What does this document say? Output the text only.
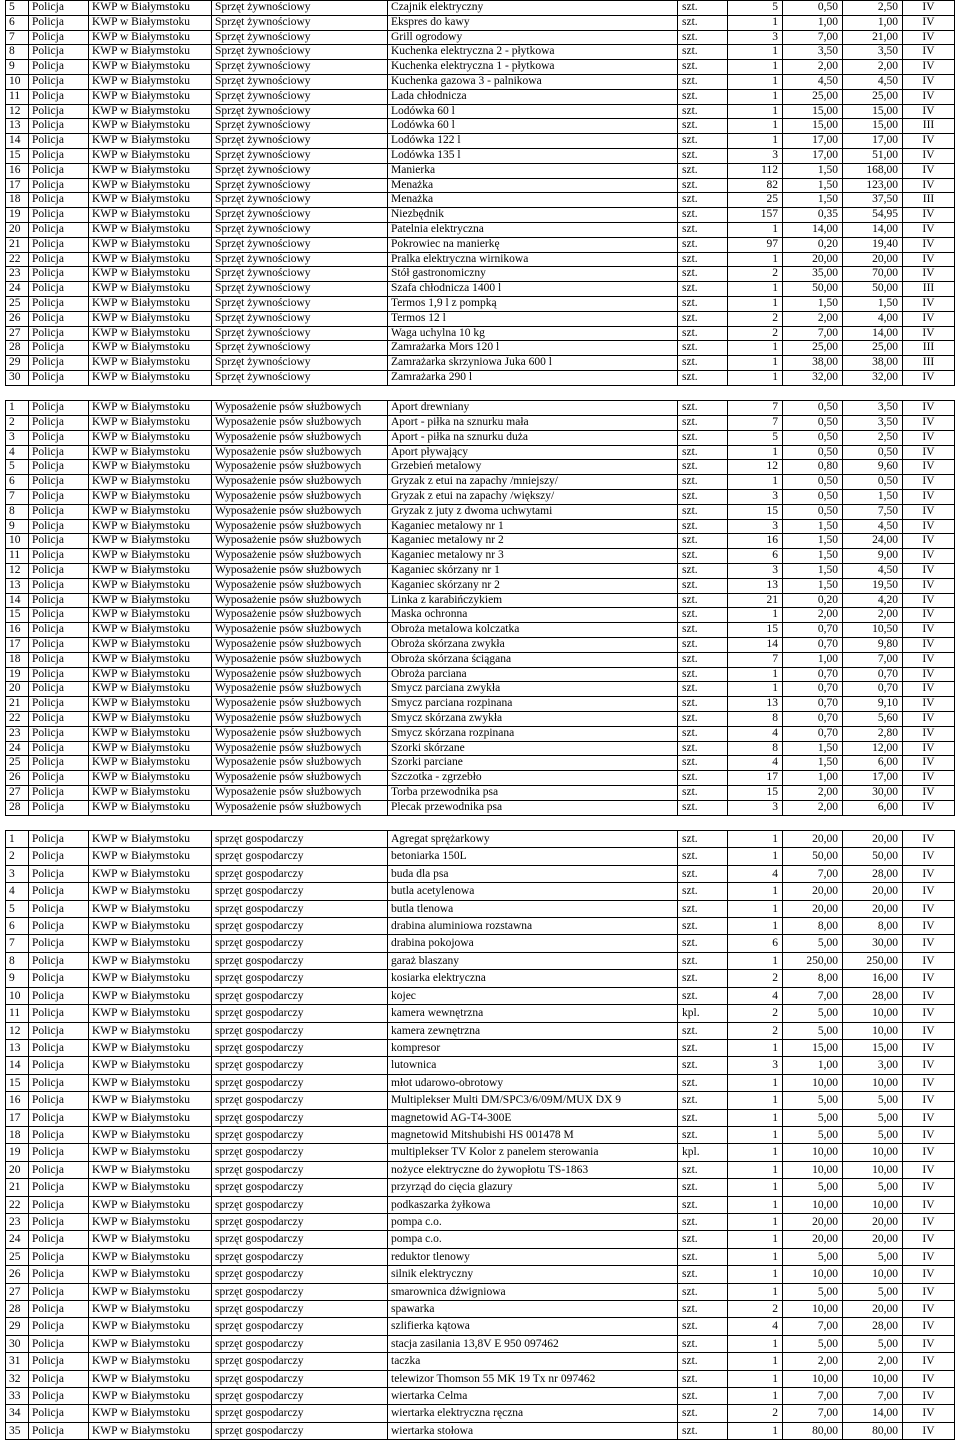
5	Policja	KWP w Białymstoku	Sprzęt żywnościowy	Czajnik elektryczny	szt.	5	0,50	2,50	IV
6	Policja	KWP w Białymstoku	Sprzęt żywnościowy	Ekspres do kawy	szt.	1	1,00	1,00	IV
7	Policja	KWP w Białymstoku	Sprzęt żywnościowy	Grill ogrodowy	szt.	3	7,00	21,00	IV
8	Policja	KWP w Białymstoku	Sprzęt żywnościowy	Kuchenka elektryczna 2 - płytkowa	szt.	1	3,50	3,50	IV
9	Policja	KWP w Białymstoku	Sprzęt żywnościowy	Kuchenka elektryczna 1 - płytkowa	szt.	1	2,00	2,00	IV
10	Policja	KWP w Białymstoku	Sprzęt żywnościowy	Kuchenka gazowa 3 - palnikowa	szt.	1	4,50	4,50	IV
11	Policja	KWP w Białymstoku	Sprzęt żywnościowy	Lada chłodnicza	szt.	1	25,00	25,00	IV
12	Policja	KWP w Białymstoku	Sprzęt żywnościowy	Lodówka 60 l	szt.	1	15,00	15,00	IV
13	Policja	KWP w Białymstoku	Sprzęt żywnościowy	Lodówka 60 l	szt.	1	15,00	15,00	III
14	Policja	KWP w Białymstoku	Sprzęt żywnościowy	Lodówka 122 l	szt.	1	17,00	17,00	IV
15	Policja	KWP w Białymstoku	Sprzęt żywnościowy	Lodówka 135 l	szt.	3	17,00	51,00	IV
16	Policja	KWP w Białymstoku	Sprzęt żywnościowy	Manierka	szt.	112	1,50	168,00	IV
17	Policja	KWP w Białymstoku	Sprzęt żywnościowy	Menażka	szt.	82	1,50	123,00	IV
18	Policja	KWP w Białymstoku	Sprzęt żywnościowy	Menażka	szt.	25	1,50	37,50	III
19	Policja	KWP w Białymstoku	Sprzęt żywnościowy	Niezbędnik	szt.	157	0,35	54,95	IV
20	Policja	KWP w Białymstoku	Sprzęt żywnościowy	Patelnia elektryczna	szt.	1	14,00	14,00	IV
21	Policja	KWP w Białymstoku	Sprzęt żywnościowy	Pokrowiec na manierkę	szt.	97	0,20	19,40	IV
22	Policja	KWP w Białymstoku	Sprzęt żywnościowy	Pralka elektryczna wirnikowa	szt.	1	20,00	20,00	IV
23	Policja	KWP w Białymstoku	Sprzęt żywnościowy	Stół gastronomiczny	szt.	2	35,00	70,00	IV
24	Policja	KWP w Białymstoku	Sprzęt żywnościowy	Szafa chłodnicza 1400 l	szt.	1	50,00	50,00	III
25	Policja	KWP w Białymstoku	Sprzęt żywnościowy	Termos 1,9 l z pompką	szt.	1	1,50	1,50	IV
26	Policja	KWP w Białymstoku	Sprzęt żywnościowy	Termos 12 l	szt.	2	2,00	4,00	IV
27	Policja	KWP w Białymstoku	Sprzęt żywnościowy	Waga uchylna 10 kg	szt.	2	7,00	14,00	IV
28	Policja	KWP w Białymstoku	Sprzęt żywnościowy	Zamrażarka Mors 120 l	szt.	1	25,00	25,00	III
29	Policja	KWP w Białymstoku	Sprzęt żywnościowy	Zamrażarka skrzyniowa Juka 600 l	szt.	1	38,00	38,00	III
30	Policja	KWP w Białymstoku	Sprzęt żywnościowy	Zamrażarka 290 l	szt.	1	32,00	32,00	IV
1	Policja	KWP w Białymstoku	Wyposażenie psów służbowych	Aport drewniany	szt.	7	0,50	3,50	IV
2	Policja	KWP w Białymstoku	Wyposażenie psów służbowych	Aport - piłka na sznurku mała	szt.	7	0,50	3,50	IV
3	Policja	KWP w Białymstoku	Wyposażenie psów służbowych	Aport - piłka na sznurku duża	szt.	5	0,50	2,50	IV
4	Policja	KWP w Białymstoku	Wyposażenie psów służbowych	Aport pływający	szt.	1	0,50	0,50	IV
5	Policja	KWP w Białymstoku	Wyposażenie psów służbowych	Grzebień metalowy	szt.	12	0,80	9,60	IV
6	Policja	KWP w Białymstoku	Wyposażenie psów służbowych	Gryzak z etui na zapachy /mniejszy/	szt.	1	0,50	0,50	IV
7	Policja	KWP w Białymstoku	Wyposażenie psów służbowych	Gryzak z etui na zapachy /większy/	szt.	3	0,50	1,50	IV
8	Policja	KWP w Białymstoku	Wyposażenie psów służbowych	Gryzak z juty z dwoma uchwytami	szt.	15	0,50	7,50	IV
9	Policja	KWP w Białymstoku	Wyposażenie psów służbowych	Kaganiec metalowy nr 1	szt.	3	1,50	4,50	IV
10	Policja	KWP w Białymstoku	Wyposażenie psów służbowych	Kaganiec metalowy nr 2	szt.	16	1,50	24,00	IV
11	Policja	KWP w Białymstoku	Wyposażenie psów służbowych	Kaganiec metalowy nr 3	szt.	6	1,50	9,00	IV
12	Policja	KWP w Białymstoku	Wyposażenie psów służbowych	Kaganiec skórzany nr 1	szt.	3	1,50	4,50	IV
13	Policja	KWP w Białymstoku	Wyposażenie psów służbowych	Kaganiec skórzany nr 2	szt.	13	1,50	19,50	IV
14	Policja	KWP w Białymstoku	Wyposażenie psów służbowych	Linka z karabińczykiem	szt.	21	0,20	4,20	IV
15	Policja	KWP w Białymstoku	Wyposażenie psów służbowych	Maska ochronna	szt.	1	2,00	2,00	IV
16	Policja	KWP w Białymstoku	Wyposażenie psów służbowych	Obroża metalowa kolczatka	szt.	15	0,70	10,50	IV
17	Policja	KWP w Białymstoku	Wyposażenie psów służbowych	Obroża skórzana zwykła	szt.	14	0,70	9,80	IV
18	Policja	KWP w Białymstoku	Wyposażenie psów służbowych	Obroża skórzana ściągana	szt.	7	1,00	7,00	IV
19	Policja	KWP w Białymstoku	Wyposażenie psów służbowych	Obroża parciana	szt.	1	0,70	0,70	IV
20	Policja	KWP w Białymstoku	Wyposażenie psów służbowych	Smycz parciana zwykła	szt.	1	0,70	0,70	IV
21	Policja	KWP w Białymstoku	Wyposażenie psów służbowych	Smycz parciana rozpinana	szt.	13	0,70	9,10	IV
22	Policja	KWP w Białymstoku	Wyposażenie psów służbowych	Smycz skórzana zwykła	szt.	8	0,70	5,60	IV
23	Policja	KWP w Białymstoku	Wyposażenie psów służbowych	Smycz skórzana rozpinana	szt.	4	0,70	2,80	IV
24	Policja	KWP w Białymstoku	Wyposażenie psów służbowych	Szorki skórzane	szt.	8	1,50	12,00	IV
25	Policja	KWP w Białymstoku	Wyposażenie psów służbowych	Szorki parciane	szt.	4	1,50	6,00	IV
26	Policja	KWP w Białymstoku	Wyposażenie psów służbowych	Szczotka - zgrzebło	szt.	17	1,00	17,00	IV
27	Policja	KWP w Białymstoku	Wyposażenie psów służbowych	Torba przewodnika psa	szt.	15	2,00	30,00	IV
28	Policja	KWP w Białymstoku	Wyposażenie psów służbowych	Plecak przewodnika psa	szt.	3	2,00	6,00	IV
1	Policja	KWP w Białymstoku	sprzęt gospodarczy	Agregat sprężarkowy	szt.	1	20,00	20,00	IV
2	Policja	KWP w Białymstoku	sprzęt gospodarczy	betoniarka 150L	szt.	1	50,00	50,00	IV
3	Policja	KWP w Białymstoku	sprzęt gospodarczy	buda dla psa	szt.	4	7,00	28,00	IV
4	Policja	KWP w Białymstoku	sprzęt gospodarczy	butla acetylenowa	szt.	1	20,00	20,00	IV
5	Policja	KWP w Białymstoku	sprzęt gospodarczy	butla tlenowa	szt.	1	20,00	20,00	IV
6	Policja	KWP w Białymstoku	sprzęt gospodarczy	drabina aluminiowa rozstawna	szt.	1	8,00	8,00	IV
7	Policja	KWP w Białymstoku	sprzęt gospodarczy	drabina pokojowa	szt.	6	5,00	30,00	IV
8	Policja	KWP w Białymstoku	sprzęt gospodarczy	garaż blaszany	szt.	1	250,00	250,00	IV
9	Policja	KWP w Białymstoku	sprzęt gospodarczy	kosiarka elektryczna	szt.	2	8,00	16,00	IV
10	Policja	KWP w Białymstoku	sprzęt gospodarczy	kojec	szt.	4	7,00	28,00	IV
11	Policja	KWP w Białymstoku	sprzęt gospodarczy	kamera wewnętrzna	kpl.	2	5,00	10,00	IV
12	Policja	KWP w Białymstoku	sprzęt gospodarczy	kamera zewnętrzna	szt.	2	5,00	10,00	IV
13	Policja	KWP w Białymstoku	sprzęt gospodarczy	kompresor	szt.	1	15,00	15,00	IV
14	Policja	KWP w Białymstoku	sprzęt gospodarczy	lutownica	szt.	3	1,00	3,00	IV
15	Policja	KWP w Białymstoku	sprzęt gospodarczy	młot udarowo-obrotowy	szt.	1	10,00	10,00	IV
16	Policja	KWP w Białymstoku	sprzęt gospodarczy	Multiplekser Multi DM/SPC3/6/09M/MUX DX 9	szt.	1	5,00	5,00	IV
17	Policja	KWP w Białymstoku	sprzęt gospodarczy	magnetowid AG-T4-300E	szt.	1	5,00	5,00	IV
18	Policja	KWP w Białymstoku	sprzęt gospodarczy	magnetowid Mitshubishi HS 001478 M	szt.	1	5,00	5,00	IV
19	Policja	KWP w Białymstoku	sprzęt gospodarczy	multiplekser TV Kolor z panelem sterowania	kpl.	1	10,00	10,00	IV
20	Policja	KWP w Białymstoku	sprzęt gospodarczy	nożyce elektryczne do żywopłotu TS-1863	szt.	1	10,00	10,00	IV
21	Policja	KWP w Białymstoku	sprzęt gospodarczy	przyrząd do cięcia glazury	szt.	1	5,00	5,00	IV
22	Policja	KWP w Białymstoku	sprzęt gospodarczy	podkaszarka żyłkowa	szt.	1	10,00	10,00	IV
23	Policja	KWP w Białymstoku	sprzęt gospodarczy	pompa c.o.	szt.	1	20,00	20,00	IV
24	Policja	KWP w Białymstoku	sprzęt gospodarczy	pompa c.o.	szt.	1	20,00	20,00	IV
25	Policja	KWP w Białymstoku	sprzęt gospodarczy	reduktor tlenowy	szt.	1	5,00	5,00	IV
26	Policja	KWP w Białymstoku	sprzęt gospodarczy	silnik elektryczny	szt.	1	10,00	10,00	IV
27	Policja	KWP w Białymstoku	sprzęt gospodarczy	smarownica dźwigniowa	szt.	1	5,00	5,00	IV
28	Policja	KWP w Białymstoku	sprzęt gospodarczy	spawarka	szt.	2	10,00	20,00	IV
29	Policja	KWP w Białymstoku	sprzęt gospodarczy	szlifierka kątowa	szt.	4	7,00	28,00	IV
30	Policja	KWP w Białymstoku	sprzęt gospodarczy	stacja zasilania 13,8V E 950 097462	szt.	1	5,00	5,00	IV
31	Policja	KWP w Białymstoku	sprzęt gospodarczy	taczka	szt.	1	2,00	2,00	IV
32	Policja	KWP w Białymstoku	sprzęt gospodarczy	telewizor Thomson 55 MK 19 Tx nr 097462	szt.	1	10,00	10,00	IV
33	Policja	KWP w Białymstoku	sprzęt gospodarczy	wiertarka Celma	szt.	1	7,00	7,00	IV
34	Policja	KWP w Białymstoku	sprzęt gospodarczy	wiertarka elektryczna ręczna	szt.	2	7,00	14,00	IV
35	Policja	KWP w Białymstoku	sprzęt gospodarczy	wiertarka stołowa	szt.	1	80,00	80,00	IV
